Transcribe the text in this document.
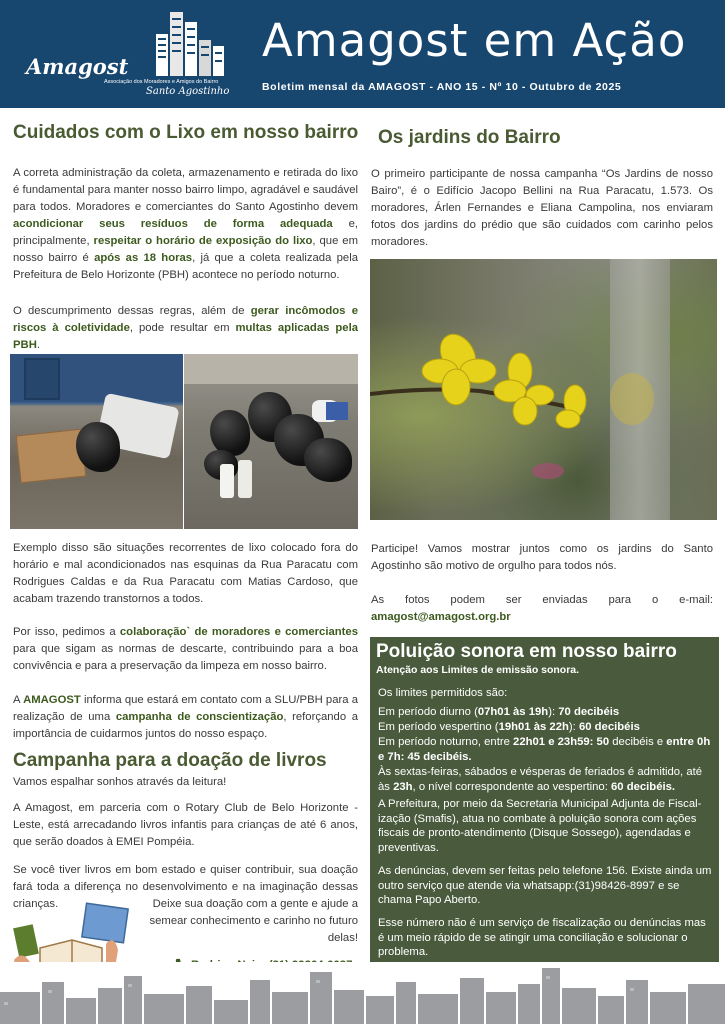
Amagost
Associação dos Moradores e Amigos do Bairro
Santo Agostinho
Amagost em Ação
Boletim mensal da AMAGOST - ANO 15 - Nº 10 - Outubro de 2025
Cuidados com o Lixo em nosso bairro
A correta administração da coleta, armazenamento e retirada do lixo é fundamental para manter nosso bairro limpo, agradável e saudável para todos. Moradores e comerciantes do Santo Agostinho devem acondicionar seus resíduos de forma adequada e, principalmente, respeitar o horário de exposição do lixo, que em nosso bairro é após as 18 horas, já que a coleta realizada pela Prefeitura de Belo Horizonte (PBH) acontece no período noturno.
O descumprimento dessas regras, além de gerar incômodos e riscos à coletividade, pode resultar em multas aplicadas pela PBH.
Exemplo disso são situações recorrentes de lixo colocado fora do horário e mal acondicionados nas esquinas da Rua Paracatu com Rodrigues Caldas e da Rua Paracatu com Matias Cardoso, que acabam trazendo transtornos a todos.
Por isso, pedimos a colaboração` de moradores e comerciantes para que sigam as normas de descarte, contribuindo para a boa convivência e para a preservação da limpeza em nosso bairro.
A AMAGOST informa que estará em contato com a SLU/PBH para a realização de uma campanha de conscientização, reforçando a importância de cuidarmos juntos do nosso espaço.
Campanha para a doação de livros
Vamos espalhar sonhos através da leitura!
A Amagost, em parceria com o Rotary Club de Belo Horizonte - Leste, está arrecadando livros infantis para crianças de até 6 anos, que serão doados à EMEI Pompéia.
Se você tiver livros em bom estado e quiser contribuir, sua doação fará toda a diferença no desenvolvimento e na imaginação dessas crianças.	Deixe sua doação com a gente e ajude a semear conhecimento e carinho no futuro delas!
Os jardins do Bairro
O primeiro participante de nossa campanha “Os Jardins de nosso Bairo”, é o Edifício Jacopo Bellini na Rua Paracatu, 1.573. Os moradores, Árlen Fernandes e Eliana Campolina, nos enviaram fotos dos jardins do prédio que são cuidados com carinho pelos moradores.
Participe! Vamos mostrar juntos como os jardins do Santo Agostinho são motivo de orgulho para todos nós.
As fotos podem ser enviadas para o e-mail:
amagost@amagost.org.br
Poluição sonora em nosso bairro
Atenção aos Limites de emissão sonora.
Os limites permitidos são:
Em período diurno (07h01 às 19h): 70 decibéis
Em período vespertino (19h01 às 22h): 60 decibéis
Em período noturno, entre 22h01 e 23h59: 50 decibéis e entre 0h e 7h: 45 decibéis.
Às sextas-feiras, sábados e vésperas de feriados é admitido, até às 23h, o nível correspondente ao vespertino: 60 decibéis.
A Prefeitura, por meio da Secretaria Municipal Adjunta de Fiscal-ização (Smafis), atua no combate à poluição sonora com ações fiscais de pronto-atendimento (Disque Sossego), agendadas e preventivas.
As denúncias, devem ser feitas pelo telefone 156. Existe ainda um outro serviço que atende via whatsapp:(31)98426-8997 e se chama Papo Aberto.
Esse número não é um serviço de fiscalização ou denúncias mas é um meio rápido de se atingir uma conciliação e solucionar o problema.
